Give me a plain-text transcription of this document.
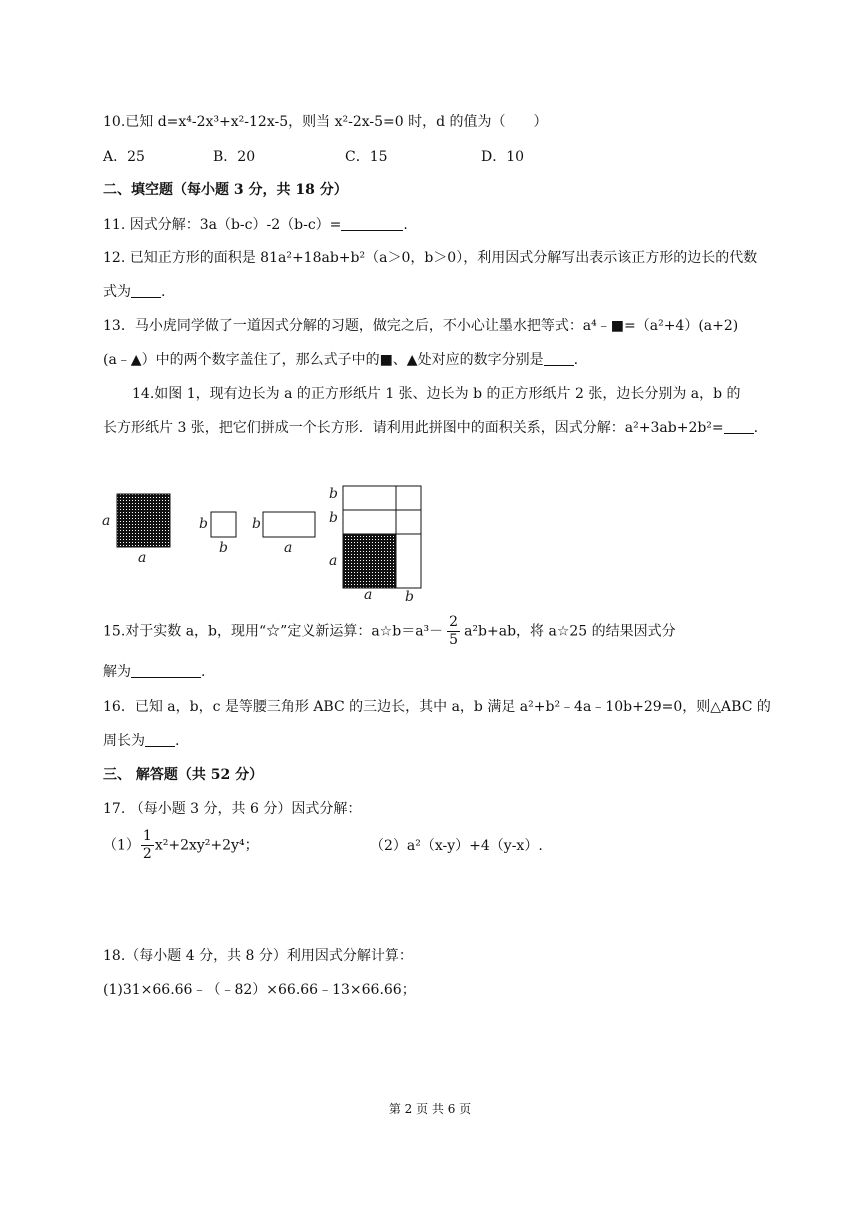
10.已知 d=x⁴-2x³+x²-12x-5，则当 x²-2x-5=0 时，d 的值为（　　）
A．25	B．20	C．15	D．10
二、填空题（每小题 3 分，共 18 分）
11. 因式分解：3a（b-c）-2（b-c）=	.
12. 已知正方形的面积是 81a²+18ab+b²（a＞0，b＞0），利用因式分解写出表示该正方形的边长的代数
式为 .
13．马小虎同学做了一道因式分解的习题，做完之后，不小心让墨水把等式：a⁴﹣■=（a²+4）(a+2)
(a﹣▲）中的两个数字盖住了，那么式子中的■、▲处对应的数字分别是 .
14.如图 1，现有边长为 a 的正方形纸片 1 张、边长为 b 的正方形纸片 2 张，边长分别为 a，b 的
长方形纸片 3 张，把它们拼成一个长方形．请利用此拼图中的面积关系，因式分解：a²+3ab+2b²= .
a
a
b
b
b
a
b
b
a
a b
15.对于实数 a，b，现用“☆”定义新运算：a☆b＝a³－ $\frac{2}{5} a^2b+ab$，将 a☆25 的结果因式分
解为	.
16．已知 a，b，c 是等腰三角形 ABC 的三边长，其中 a，b 满足 a²+b²﹣4a﹣10b+29=0，则△ABC 的
周长为 .
三、 解答题（共 52 分）
17. （每小题 3 分，共 6 分）因式分解：
$(1) \frac{1}{2} x^2+2xy^2+2y^4$；	（2）a²（x-y）+4（y-x）.
18.（每小题 4 分，共 8 分）利用因式分解计算：
(1)31×66.66﹣（﹣82）×66.66﹣13×66.66；
第 2 页 共 6 页
